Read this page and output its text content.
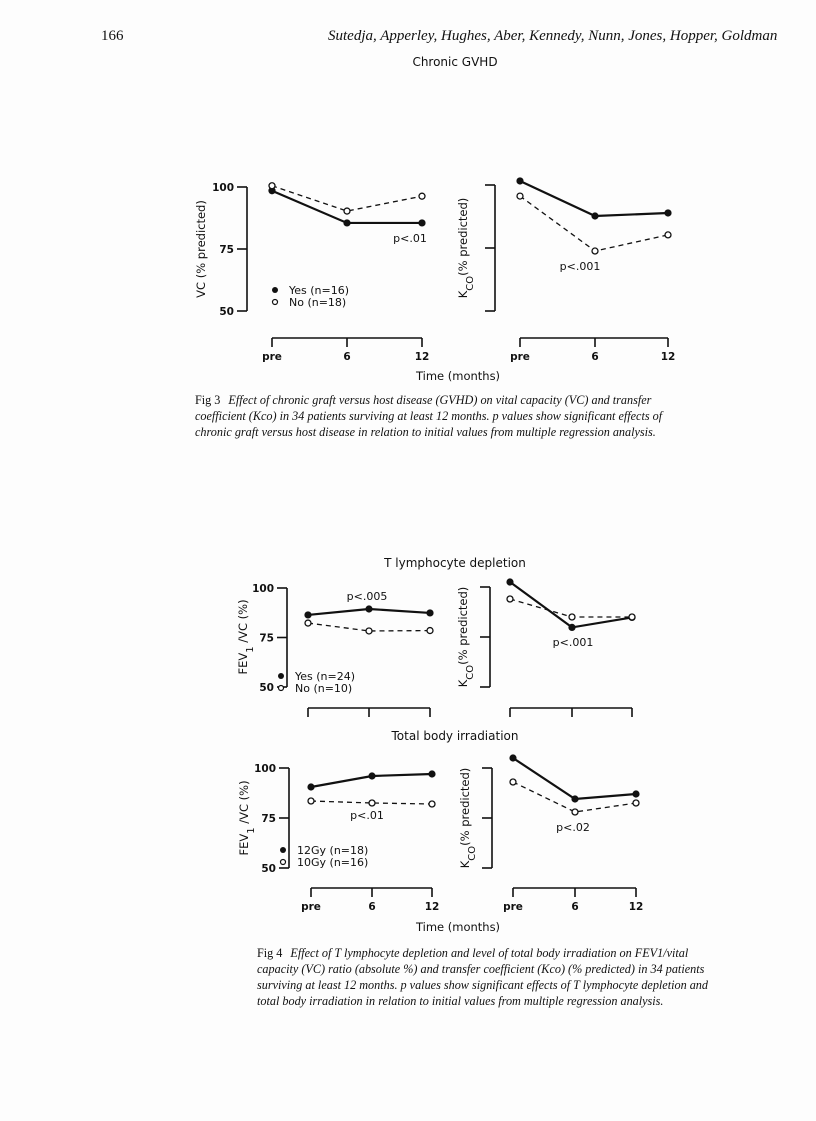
166	Sutedja, Apperley, Hughes, Aber, Kennedy, Nunn, Jones, Hopper, Goldman
Chronic GVHD
Time (months)
T lymphocyte depletion
Total body irradiation
Time (months)
100
75
50
pre	6	12
VC (% predicted)	Yes (n=16)
No (n=18)
p<.01
pre	6	12
$K_{CO}(\%$ predicted)	p<.001
100
75
50
$FEV_1$ /VC (%)
Yes (n=24)
No (n=10)
p<.005
$K_{CO}(\%$ predicted)	p<.001
100
75
50
pre	6	12
$FEV_1$ /VC (%)
12Gy (n=18)
10Gy (n=16)
p<.01
pre	6	12
$K_{CO}(\%$ predicted)	p<.02
Fig 3 Effect of chronic graft versus host disease (GVHD) on vital capacity (VC) and transfer coefficient (Kco) in 34 patients surviving at least 12 months. p values show significant effects of chronic graft versus host disease in relation to initial values from multiple regression analysis.
Fig 4 Effect of T lymphocyte depletion and level of total body irradiation on FEV1/vital capacity (VC) ratio (absolute %) and transfer coefficient (Kco) (% predicted) in 34 patients surviving at least 12 months. p values show significant effects of T lymphocyte depletion and total body irradiation in relation to initial values from multiple regression analysis.
